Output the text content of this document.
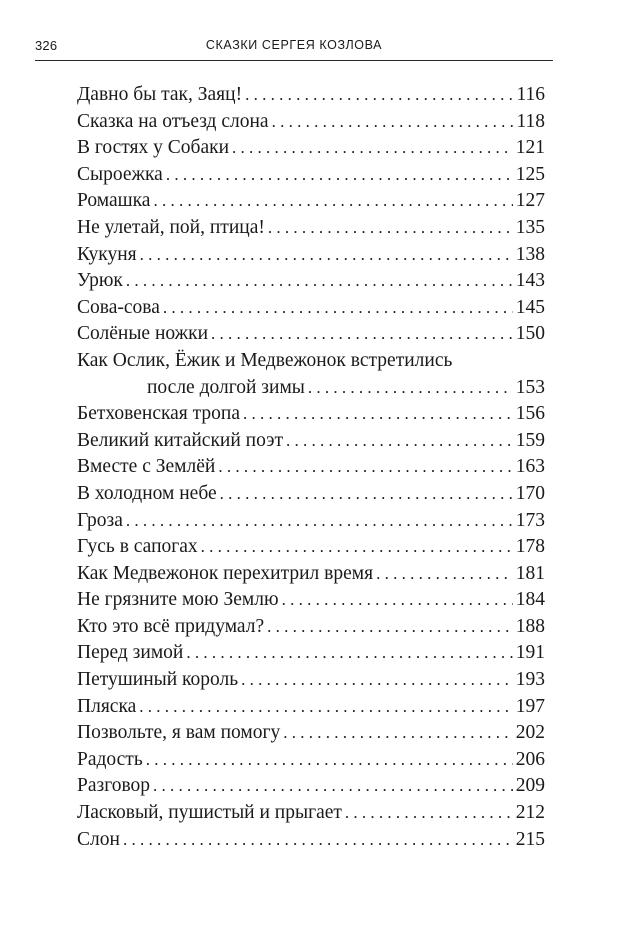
326	СКАЗКИ СЕРГЕЯ КОЗЛОВА
Давно бы так, Заяц! . . .	116
Сказка на отъезд слона . . .	118
В гостях у Собаки . . .	121
Сыроежка . . .	125
Ромашка . . .	127
Не улетай, пой, птица! . . .	135
Кукуня . . .	138
Урюк . . .	143
Сова-сова . . .	145
Солёные ножки . . .	150
Как Ослик, Ёжик и Медвежонок встретились
после долгой зимы . . .	153
Бетховенская тропа . . .	156
Великий китайский поэт . . .	159
Вместе с Землёй . . .	163
В холодном небе . . .	170
Гроза . . .	173
Гусь в сапогах . . .	178
Как Медвежонок перехитрил время . . .	181
Не грязните мою Землю . . .	184
Кто это всё придумал? . . .	188
Перед зимой . . .	191
Петушиный король . . .	193
Пляска . . .	197
Позвольте, я вам помогу . . .	202
Радость . . .	206
Разговор . . .	209
Ласковый, пушистый и прыгает . . .	212
Слон . . .	215
